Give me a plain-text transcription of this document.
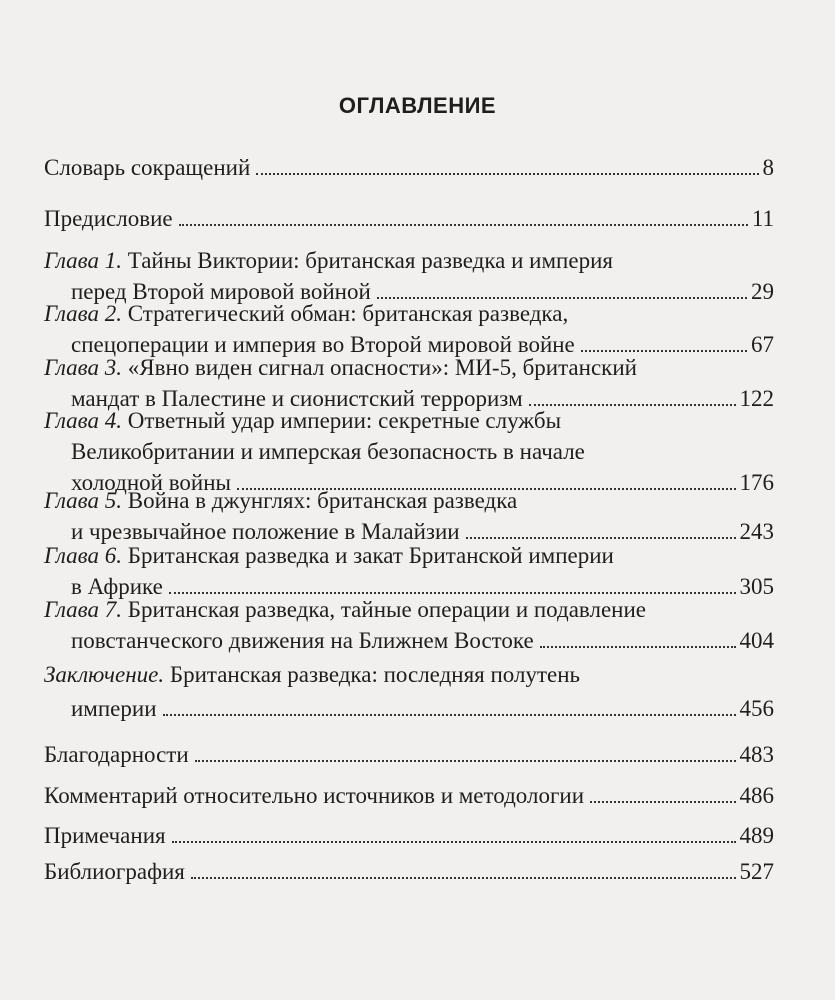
ОГЛАВЛЕНИЕ
Словарь сокращений	8
Предисловие	11
Глава 1.
Тайны Виктории: британская разведка и империя
перед Второй мировой войной	29
Глава 2.
Стратегический обман: британская разведка,
спецоперации и империя во Второй мировой войне	67
Глава 3.
«Явно виден сигнал опасности»: МИ-5, британский
мандат в Палестине и сионистский терроризм	122
Глава 4.
Ответный удар империи: секретные службы
Великобритании и имперская безопасность в начале
холодной войны	176
Глава 5.
Война в джунглях: британская разведка
и чрезвычайное положение в Малайзии	243
Глава 6.
Британская разведка и закат Британской империи
в Африке	305
Глава 7.
Британская разведка, тайные операции и подавление
повстанческого движения на Ближнем Востоке	404
Заключение.
Британская разведка: последняя полутень
империи	456
Благодарности	483
Комментарий относительно источников и методологии	486
Примечания	489
Библиография	527
